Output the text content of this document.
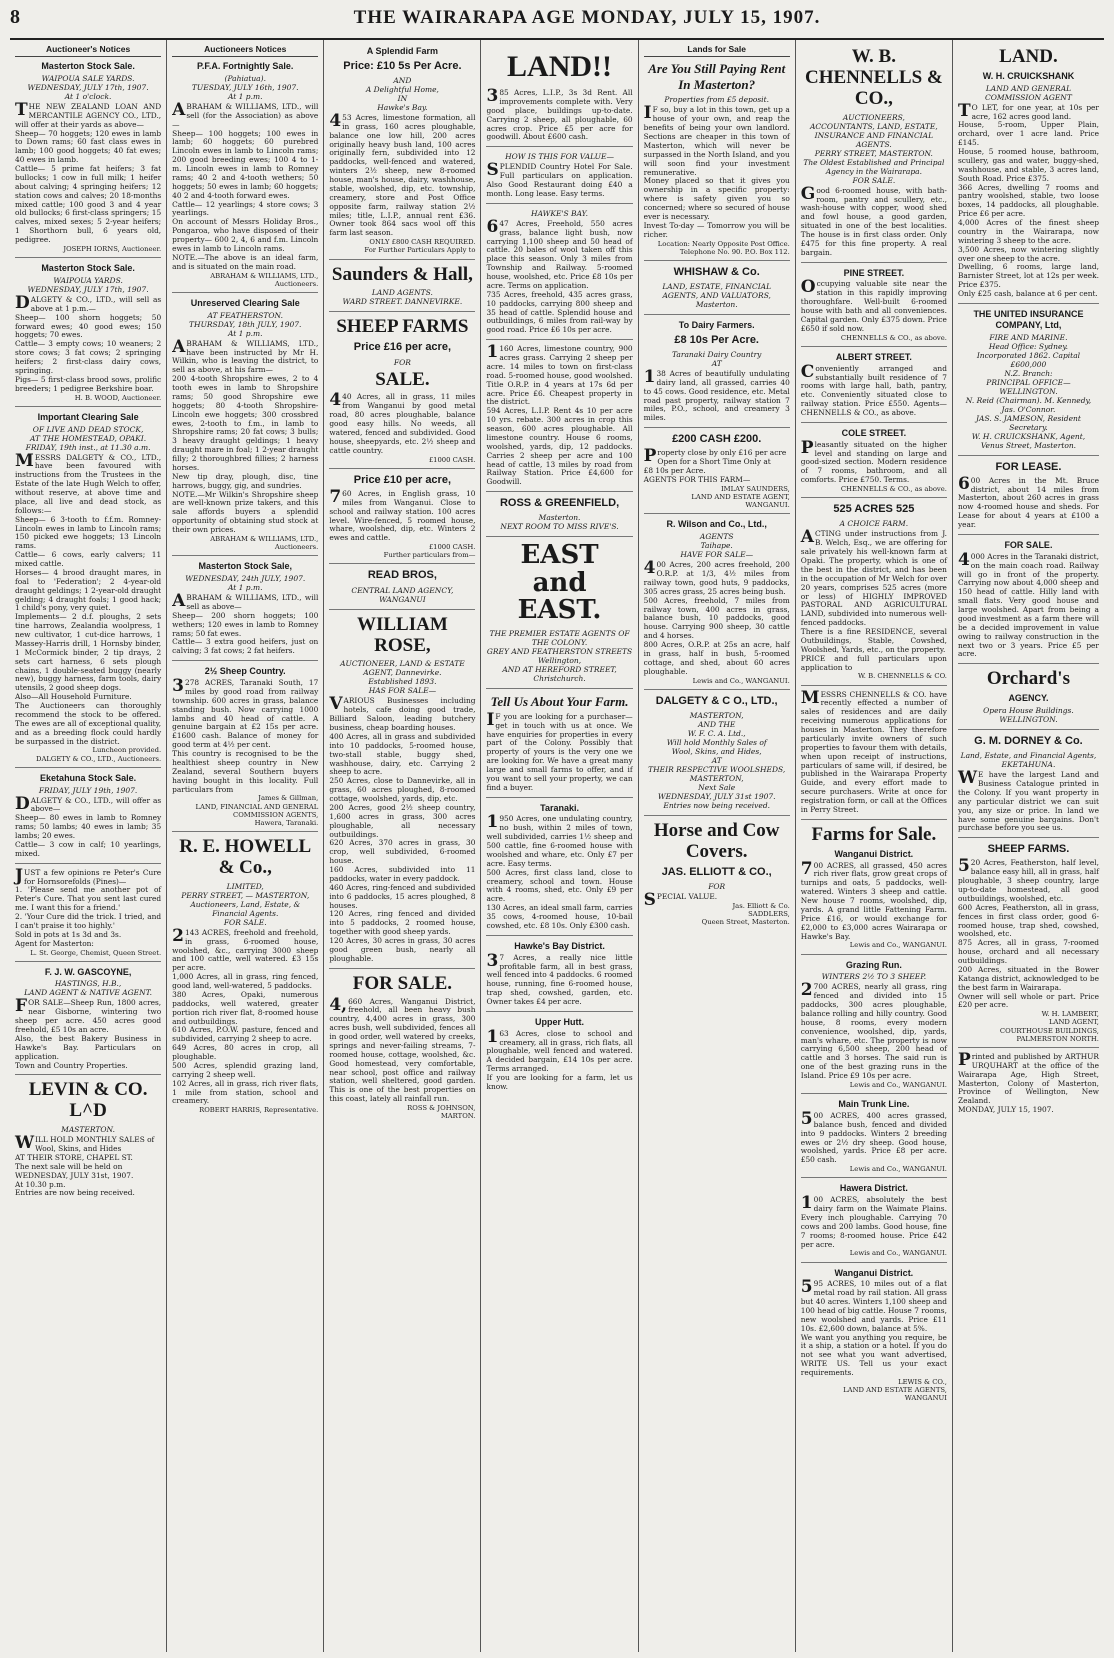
8	THE WAIRARAPA AGE MONDAY, JULY 15, 1907.
Auctioneer's Notices
Masterton Stock Sale.
WAIPOUA SALE YARDS.
WEDNESDAY, JULY 17th, 1907.
At 1 o'clock.
THE NEW ZEALAND LOAN AND MERCANTILE AGENCY CO., LTD., will offer at their yards as above—
Sheep— 70 hoggets; 120 ewes in lamb to Down rams; 60 fast class ewes in lamb; 100 good hoggets; 40 fat ewes; 40 ewes in lamb.
Cattle— 5 prime fat heifers; 3 fat bullocks; 1 cow in full milk; 1 heifer about calving; 4 springing heifers; 12 station cows and calves; 20 18-months mixed cattle; 100 good 3 and 4 year old bullocks; 6 first-class springers; 15 calves, mixed sexes; 5 2-year heifers; 1 Shorthorn bull, 6 years old, pedigree.
JOSEPH IORNS, Auctioneer.
Masterton Stock Sale.
WAIPOUA YARDS.
WEDNESDAY, JULY 17th, 1907.
DALGETY & CO., LTD., will sell as above at 1 p.m.—
Sheep— 100 shorn hoggets; 50 forward ewes; 40 good ewes; 150 hoggets; 70 ewes.
Cattle— 3 empty cows; 10 weaners; 2 store cows; 3 fat cows; 2 springing heifers; 2 first-class dairy cows, springing.
Pigs— 5 first-class brood sows, prolific breeders; 1 pedigree Berkshire boar.
H. B. WOOD, Auctioneer.
Important Clearing Sale
OF LIVE AND DEAD STOCK,
AT THE HOMESTEAD, OPAKI.
FRIDAY, 19th inst., at 11.30 a.m.
MESSRS DALGETY & CO., LTD., have been favoured with instructions from the Trustees in the Estate of the late Hugh Welch to offer, without reserve, at above time and place, all live and dead stock, as follows:—
Sheep— 6 3-tooth to f.f.m. Romney-Lincoln ewes in lamb to Lincoln rams; 150 picked ewe hoggets; 13 Lincoln rams.
Cattle— 6 cows, early calvers; 11 mixed cattle.
Horses— 4 brood draught mares, in foal to 'Federation'; 2 4-year-old draught geldings; 1 2-year-old draught gelding; 4 draught foals; 1 good hack; 1 child's pony, very quiet.
Implements— 2 d.f. ploughs, 2 sets tine harrows, Zealandia woolpress, 1 new cultivator, 1 cut-dice harrows, 1 Massey-Harris drill, 1 Hornsby binder, 1 McCormick binder, 2 tip drays, 2 sets cart harness, 6 sets plough chains, 1 double-seated buggy (nearly new), buggy harness, farm tools, dairy utensils, 2 good sheep dogs.
Also—All Household Furniture.
The Auctioneers can thoroughly recommend the stock to be offered. The ewes are all of exceptional quality, and as a breeding flock could hardly be surpassed in the district.
Luncheon provided.
DALGETY & CO., LTD., Auctioneers.
Eketahuna Stock Sale.
FRIDAY, JULY 19th, 1907.
DALGETY & CO., LTD., will offer as above—
Sheep— 80 ewes in lamb to Romney rams; 50 lambs; 40 ewes in lamb; 35 lambs; 20 ewes.
Cattle— 3 cow in calf; 10 yearlings, mixed.
JUST a few opinions re Peter's Cure for Hornsorefolds (Pines)—
1. 'Please send me another pot of Peter's Cure. That you sent last cured me. I want this for a friend.'
2. 'Your Cure did the trick. I tried, and I can't praise it too highly.'
Sold in pots at 1s 3d and 3s.
Agent for Masterton:
L. St. George, Chemist, Queen Street.
F. J. W. GASCOYNE,
HASTINGS, H.B.,
LAND AGENT & NATIVE AGENT.
FOR SALE—Sheep Run, 1800 acres, near Gisborne, wintering two sheep per acre. 450 acres good freehold, £5 10s an acre.
Also, the best Bakery Business in Hawke's Bay. Particulars on application.
Town and Country Properties.
LEVIN & CO. L^D
MASTERTON.
WILL HOLD MONTHLY SALES of
Wool, Skins, and Hides
AT THEIR STORE, CHAPEL ST.
The next sale will be held on
WEDNESDAY, JULY 31st, 1907.
At 10.30 p.m.
Entries are now being received.
Auctioneers Notices
P.F.A. Fortnightly Sale.
(Pahiatua).
TUESDAY, JULY 16th, 1907.
At 1 p.m.
ABRAHAM & WILLIAMS, LTD., will sell (for the Association) as above—
Sheep— 100 hoggets; 100 ewes in lamb; 60 hoggets; 60 purebred Lincoln ewes in lamb to Lincoln rams; 200 good breeding ewes; 100 4 to 1-m. Lincoln ewes in lamb to Romney rams; 40 2 and 4-tooth wethers; 50 hoggets; 50 ewes in lamb; 60 hoggets; 40 2 and 4-tooth forward ewes.
Cattle— 12 yearlings; 4 store cows; 3 yearlings.
On account of Messrs Holiday Bros., Pongaroa, who have disposed of their property— 600 2, 4, 6 and f.m. Lincoln ewes in lamb to Lincoln rams.
NOTE.—The above is an ideal farm, and is situated on the main road.
ABRAHAM & WILLIAMS, LTD., Auctioneers.
Unreserved Clearing Sale
AT FEATHERSTON.
THURSDAY, 18th JULY, 1907.
At 1 p.m.
ABRAHAM & WILLIAMS, LTD., have been instructed by Mr H. Wilkin, who is leaving the district, to sell as above, at his farm—
200 4-tooth Shropshire ewes, 2 to 4 tooth ewes in lamb to Shropshire rams; 50 good Shropshire ewe hoggets; 80 4-tooth Shropshire-Lincoln ewe hoggets; 300 crossbred ewes, 2-tooth to f.m., in lamb to Shropshire rams; 20 fat cows; 3 bulls; 3 heavy draught geldings; 1 heavy draught mare in foal; 1 2-year draught filly; 2 thoroughbred fillies; 2 harness horses.
New tip dray, plough, disc, tine harrows, buggy, gig, and sundries.
NOTE.—Mr Wilkin's Shropshire sheep are well-known prize takers, and this sale affords buyers a splendid opportunity of obtaining stud stock at their own prices.
ABRAHAM & WILLIAMS, LTD., Auctioneers.
Masterton Stock Sale,
WEDNESDAY, 24th JULY, 1907.
At 1 p.m.
ABRAHAM & WILLIAMS, LTD., will sell as above—
Sheep— 200 shorn hoggets; 100 wethers; 120 ewes in lamb to Romney rams; 50 fat ewes.
Cattle— 3 extra good heifers, just on calving; 3 fat cows; 2 fat heifers.
2½ Sheep Country.
3278 ACRES, Taranaki South, 17 miles by good road from railway township. 600 acres in grass, balance standing bush. Now carrying 1000 lambs and 40 head of cattle. A genuine bargain at £2 15s per acre. £1600 cash. Balance of money for good term at 4½ per cent.
This country is recognised to be the healthiest sheep country in New Zealand, several Southern buyers having bought in this locality. Full particulars from
James & Gillman,
LAND, FINANCIAL AND GENERAL COMMISSION AGENTS,
Hawera, Taranaki.
R. E. HOWELL & Co.,
LIMITED,
PERRY STREET, — MASTERTON,
Auctioneers, Land, Estate, & Financial Agents.
FOR SALE.
2143 ACRES, freehold and freehold, in grass, 6-roomed house, woolshed, &c., carrying 3000 sheep and 100 cattle, well watered. £3 15s per acre.
1,000 Acres, all in grass, ring fenced, good land, well-watered, 5 paddocks.
380 Acres, Opaki, numerous paddocks, well watered, greater portion rich river flat, 8-roomed house and outbuildings.
610 Acres, P.O.W. pasture, fenced and subdivided, carrying 2 sheep to acre.
649 Acres, 80 acres in crop, all ploughable.
500 Acres, splendid grazing land, carrying 2 sheep well.
102 Acres, all in grass, rich river flats, 1 mile from station, school and creamery.
ROBERT HARRIS, Representative.
A Splendid Farm
Price: £10 5s Per Acre.
AND
A Delightful Home,
IN
Hawke's Bay.
453 Acres, limestone formation, all in grass, 160 acres ploughable, balance one low hill, 200 acres originally heavy bush land, 100 acres originally fern, subdivided into 12 paddocks, well-fenced and watered, winters 2½ sheep, new 8-roomed house, man's house, dairy, washhouse, stable, woolshed, dip, etc. township, creamery, store and Post Office opposite farm, railway station 2½ miles; title, L.I.P., annual rent £36. Owner took 864 sacs wool off this farm last season.
ONLY £800 CASH REQUIRED.
For Further Particulars Apply to
Saunders & Hall,
LAND AGENTS.
WARD STREET. DANNEVIRKE.
SHEEP FARMS
Price £16 per acre,
FOR
SALE.
440 Acres, all in grass, 11 miles from Wanganui by good metal road, 80 acres ploughable, balance good easy hills. No weeds, all watered, fenced and subdivided. Good house, sheepyards, etc. 2½ sheep and cattle country.
£1000 CASH.
Price £10 per acre,
760 Acres, in English grass, 10 miles from Wanganui. Close to school and railway station. 100 acres level. Wire-fenced, 5 roomed house, whare, woolshed, dip, etc. Winters 2 ewes and cattle.
£1000 CASH.
Further particulars from—
READ BROS,
CENTRAL LAND AGENCY,
WANGANUI
WILLIAM ROSE,
AUCTIONEER, LAND & ESTATE AGENT, Dannevirke.
Established 1893.
HAS FOR SALE—
VARIOUS Businesses including hotels, cafe doing good trade, Billiard Saloon, leading butchery business, cheap boarding houses.
400 Acres, all in grass and subdivided into 10 paddocks, 5-roomed house, two-stall stable, buggy shed, washhouse, dairy, etc. Carrying 2 sheep to acre.
250 Acres, close to Dannevirke, all in grass, 60 acres ploughed, 8-roomed cottage, woolshed, yards, dip, etc.
200 Acres, good 2½ sheep country, 1,600 acres in grass, 300 acres ploughable, all necessary outbuildings.
620 Acres, 370 acres in grass, 30 crop, well subdivided, 6-roomed house.
160 Acres, subdivided into 11 paddocks, water in every paddock.
460 Acres, ring-fenced and subdivided into 6 paddocks, 15 acres ploughed, 8 houses.
120 Acres, ring fenced and divided into 5 paddocks, 2 roomed house, together with good sheep yards.
120 Acres, 30 acres in grass, 30 acres good green bush, nearly all ploughable.
FOR SALE.
4,660 Acres, Wanganui District, freehold, all been heavy bush country, 4,400 acres in grass, 300 acres bush, well subdivided, fences all in good order, well watered by creeks, springs and never-failing streams, 7-roomed house, cottage, woolshed, &c. Good homestead, very comfortable, near school, post office and railway station, well sheltered, good garden. This is one of the best properties on this coast, lately all rainfall run.
ROSS & JOHNSON,
MARTON.
LAND!!
385 Acres, L.I.P., 3s 3d Rent. All improvements complete with. Very good place, buildings up-to-date. Carrying 2 sheep, all ploughable, 60 acres crop. Price £5 per acre for goodwill. About £600 cash.
HOW IS THIS FOR VALUE—
SPLENDID Country Hotel For Sale. Full particulars on application. Also Good Restaurant doing £40 a month. Long lease. Easy terms.
HAWKE'S BAY.
647 Acres, Freehold, 550 acres grass, balance light bush, now carrying 1,100 sheep and 50 head of cattle. 20 bales of wool taken off this place this season. Only 3 miles from Township and Railway. 5-roomed house, woolshed, etc. Price £8 10s per acre. Terms on application.
735 Acres, freehold, 435 acres grass, 10 paddocks, carrying 800 sheep and 35 head of cattle. Splendid house and outbuildings, 6 miles from rail-way by good road. Price £6 10s per acre.
1160 Acres, limestone country, 900 acres grass. Carrying 2 sheep per acre. 14 miles to town on first-class road. 5-roomed house, good woolshed. Title O.R.P. in 4 years at 17s 6d per acre. Price £6. Cheapest property in the district.
594 Acres, L.I.P. Rent 4s 10 per acre 10 yrs. rebate. 300 acres in crop this season, 600 acres ploughable. All limestone country. House 6 rooms, woolshed, yards, dip, 12 paddocks. Carries 2 sheep per acre and 100 head of cattle, 13 miles by road from Railway Station. Price £4,600 for Goodwill.
ROSS & GREENFIELD,
Masterton.
NEXT ROOM TO MISS RIVE'S.
EAST
and
EAST.
THE PREMIER ESTATE AGENTS OF THE COLONY.
GREY AND FEATHERSTON STREETS
Wellington,
AND AT HEREFORD STREET,
Christchurch.
Tell Us About Your Farm.
IF you are looking for a purchaser—get in touch with us at once. We have enquiries for properties in every part of the Colony. Possibly that property of yours is the very one we are looking for. We have a great many large and small farms to offer, and if you want to sell your property, we can find a buyer.
Taranaki.
1950 Acres, one undulating country, no bush, within 2 miles of town, well subdivided, carries 1½ sheep and 500 cattle, fine 6-roomed house with woolshed and whare, etc. Only £7 per acre. Easy terms.
500 Acres, first class land, close to creamery, school and town. House with 4 rooms, shed, etc. Only £9 per acre.
130 Acres, an ideal small farm, carries 35 cows, 4-roomed house, 10-bail cowshed, etc. £8 10s. Only £300 cash.
Hawke's Bay District.
37 Acres, a really nice little profitable farm, all in best grass, well fenced into 4 paddocks. 6 roomed house, running, fine 6-roomed house, trap shed, cowshed, garden, etc. Owner takes £4 per acre.
Upper Hutt.
163 Acres, close to school and creamery, all in grass, rich flats, all ploughable, well fenced and watered. A decided bargain, £14 10s per acre. Terms arranged.
If you are looking for a farm, let us know.
Lands for Sale
Are You Still Paying Rent In Masterton?
Properties from £5 deposit.
IF so, buy a lot in this town, get up a house of your own, and reap the benefits of being your own landlord. Sections are cheaper in this town of Masterton, which will never be surpassed in the North Island, and you will soon find your investment remunerative.
Money placed so that it gives you ownership in a specific property: where is safety given you so concerned; where so secured of house ever is necessary.
Invest To-day — Tomorrow you will be richer.
Location: Nearly Opposite Post Office.
Telephone No. 90. P.O. Box 112.
WHISHAW & Co.
LAND, ESTATE, FINANCIAL AGENTS, AND VALUATORS,
Masterton.
To Dairy Farmers.
£8 10s Per Acre.
Taranaki Dairy Country
AT
138 Acres of beautifully undulating dairy land, all grassed, carries 40 to 45 cows. Good residence, etc. Metal road past property, railway station 7 miles, P.O., school, and creamery 3 miles.
£200 CASH £200.
Property close by only £16 per acre
Open for a Short Time Only at
£8 10s per Acre.
AGENTS FOR THIS FARM—
IMLAY SAUNDERS,
LAND AND ESTATE AGENT,
WANGANUI.
R. Wilson and Co., Ltd.,
AGENTS
Taihape.
HAVE FOR SALE—
400 Acres, 200 acres freehold, 200 O.R.P. at 1/3, 4½ miles from railway town, good huts, 9 paddocks, 305 acres grass, 25 acres being bush.
500 Acres, freehold, 7 miles from railway town, 400 acres in grass, balance bush, 10 paddocks, good house. Carrying 900 sheep, 30 cattle and 4 horses.
800 Acres, O.R.P. at 25s an acre, half in grass, half in bush, 5-roomed cottage, and shed, about 60 acres ploughable.
Lewis and Co., WANGANUI.
DALGETY & C O., LTD.,
MASTERTON,
AND THE
W. F. C. A. Ltd.,
Will hold Monthly Sales of
Wool, Skins, and Hides,
AT
THEIR RESPECTIVE WOOLSHEDS,
MASTERTON,
Next Sale
WEDNESDAY, JULY 31st 1907.
Entries now being received.
Horse and Cow Covers.
JAS. ELLIOTT & CO.,
FOR
SPECIAL VALUE.
Jas. Elliott & Co.
SADDLERS,
Queen Street, Masterton.
W. B. CHENNELLS & CO.,
AUCTIONEERS,
ACCOUNTANTS, LAND, ESTATE, INSURANCE AND FINANCIAL AGENTS.
PERRY STREET, MASTERTON.
The Oldest Established and Principal Agency in the Wairarapa.
FOR SALE.
Good 6-roomed house, with bath-room, pantry and scullery, etc., wash-house with copper, wood shed and fowl house, a good garden, situated in one of the best localities. The house is in first class order. Only £475 for this fine property. A real bargain.
PINE STREET.
Occupying valuable site near the station in this rapidly improving thoroughfare. Well-built 6-roomed house with bath and all conveniences. Capital garden. Only £375 down. Price £650 if sold now.
CHENNELLS & CO., as above.
ALBERT STREET.
Conveniently arranged and substantially built residence of 7 rooms with large hall, bath, pantry, etc. Conveniently situated close to railway station. Price £550. Agents—CHENNELLS & CO., as above.
COLE STREET.
Pleasantly situated on the higher level and standing on large and good-sized section. Modern residence of 7 rooms, bathroom, and all comforts. Price £750. Terms.
CHENNELLS & CO., as above.
525 ACRES 525
A CHOICE FARM.
ACTING under instructions from J. B. Welch, Esq., we are offering for sale privately his well-known farm at Opaki. The property, which is one of the best in the district, and has been in the occupation of Mr Welch for over 20 years, comprises 525 acres (more or less) of HIGHLY IMPROVED PASTORAL AND AGRICULTURAL LAND, subdivided into numerous well-fenced paddocks.
There is a fine RESIDENCE, several Outbuildings, Stable, Cowshed, Woolshed, Yards, etc., on the property.
PRICE and full particulars upon application to
W. B. CHENNELLS & CO.
MESSRS CHENNELLS & CO. have recently effected a number of sales of residences and are daily receiving numerous applications for houses in Masterton. They therefore particularly invite owners of such properties to favour them with details, when upon receipt of instructions, particulars of same will, if desired, be published in the Wairarapa Property Guide, and every effort made to secure purchasers. Write at once for registration form, or call at the Offices in Perry Street.
Farms for Sale.
Wanganui District.
700 ACRES, all grassed, 450 acres rich river flats, grow great crops of turnips and oats, 5 paddocks, well-watered. Winters 3 sheep and cattle. New house 7 rooms, woolshed, dip, yards. A grand little Fattening Farm. Price £16, or would exchange for £2,000 to £3,000 acres Wairarapa or Hawke's Bay.
Lewis and Co., WANGANUI.
Grazing Run.
WINTERS 2½ TO 3 SHEEP.
2700 ACRES, nearly all grass, ring fenced and divided into 15 paddocks, 300 acres ploughable, balance rolling and hilly country. Good house, 8 rooms, every modern convenience, woolshed, dip, yards, man's whare, etc. The property is now carrying 6,500 sheep, 200 head of cattle and 3 horses. The said run is one of the best grazing runs in the Island. Price £9 10s per acre.
Lewis and Co., WANGANUI.
Main Trunk Line.
500 ACRES, 400 acres grassed, balance bush, fenced and divided into 9 paddocks. Winters 2 breeding ewes or 2½ dry sheep. Good house, woolshed, yards. Price £8 per acre. £50 cash.
Lewis and Co., WANGANUI.
Hawera District.
100 ACRES, absolutely the best dairy farm on the Waimate Plains. Every inch ploughable. Carrying 70 cows and 200 lambs. Good house, fine 7 rooms; 8-roomed house. Price £42 per acre.
Lewis and Co., WANGANUI.
Wanganui District.
595 ACRES, 10 miles out of a flat metal road by rail station. All grass but 40 acres. Winters 1,100 sheep and 100 head of big cattle. House 7 rooms, new woolshed and yards. Price £11 10s. £2,600 down, balance at 5%.
We want you anything you require, be it a ship, a station or a hotel. If you do not see what you want advertised, WRITE US. Tell us your exact requirements.
LEWIS & CO.,
LAND AND ESTATE AGENTS,
WANGANUI
LAND.
W. H. CRUICKSHANK
LAND AND GENERAL COMMISSION AGENT
TO LET, for one year, at 10s per acre, 162 acres good land.
House, 5-room, Upper Plain, orchard, over 1 acre land. Price £145.
House, 5 roomed house, bathroom, scullery, gas and water, buggy-shed, washhouse, and stable, 3 acres land, South Road. Price £375.
366 Acres, dwelling 7 rooms and pantry woolshed, stable, two loose boxes, 14 paddocks, all ploughable. Price £6 per acre.
4,000 Acres of the finest sheep country in the Wairarapa, now wintering 3 sheep to the acre.
3,500 Acres, now wintering slightly over one sheep to the acre.
Dwelling, 6 rooms, large land, Barnister Street, lot at 12s per week. Price £375.
Only £25 cash, balance at 6 per cent.
THE UNITED INSURANCE COMPANY, Ltd,
FIRE AND MARINE.
Head Office: Sydney.
Incorporated 1862. Capital £600,000
N.Z. Branch:
PRINCIPAL OFFICE—WELLINGTON.
N. Reid (Chairman). M. Kennedy, Jas. O'Connor.
JAS. S. JAMESON, Resident Secretary.
W. H. CRUICKSHANK, Agent,
Venus Street, Masterton.
FOR LEASE.
600 Acres in the Mt. Bruce district, about 14 miles from Masterton, about 260 acres in grass now 4-roomed house and sheds. For Lease for about 4 years at £100 a year.
FOR SALE.
4000 Acres in the Taranaki district, on the main coach road. Railway will go in front of the property. Carrying now about 4,000 sheep and 150 head of cattle. Hilly land with small flats. Very good house and large woolshed. Apart from being a good investment as a farm there will be a decided improvement in value owing to railway construction in the next two or 3 years. Price £5 per acre.
Orchard's
AGENCY.
Opera House Buildings.
WELLINGTON.
G. M. DORNEY & Co.
Land, Estate, and Financial Agents,
EKETAHUNA.
WE have the largest Land and Business Catalogue printed in the Colony. If you want property in any particular district we can suit you, any size or price. In land we have some genuine bargains. Don't purchase before you see us.
SHEEP FARMS.
520 Acres, Featherston, half level, balance easy hill, all in grass, half ploughable, 3 sheep country, large up-to-date homestead, all good outbuildings, woolshed, etc.
600 Acres, Featherston, all in grass, fences in first class order, good 6-roomed house, trap shed, cowshed, woolshed, etc.
875 Acres, all in grass, 7-roomed house, orchard and all necessary outbuildings.
200 Acres, situated in the Bower Katanga district, acknowledged to be the best farm in Wairarapa.
Owner will sell whole or part. Price £20 per acre.
W. H. LAMBERT,
LAND AGENT,
COURTHOUSE BUILDINGS,
PALMERSTON NORTH.
Printed and published by ARTHUR URQUHART at the office of the Wairarapa Age, High Street, Masterton, Colony of Masterton, Province of Wellington, New Zealand.
MONDAY, JULY 15, 1907.
